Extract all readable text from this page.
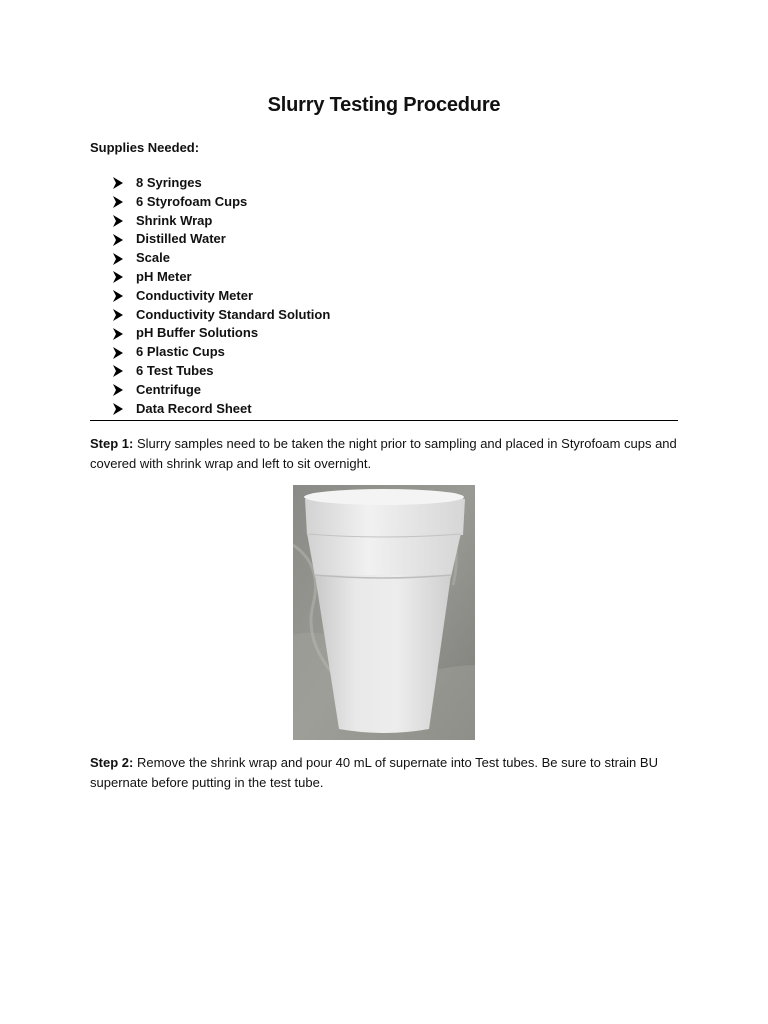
Slurry Testing Procedure
Supplies Needed:
8 Syringes
6 Styrofoam Cups
Shrink Wrap
Distilled Water
Scale
pH Meter
Conductivity Meter
Conductivity Standard Solution
pH Buffer Solutions
6 Plastic Cups
6 Test Tubes
Centrifuge
Data Record Sheet
Step 1: Slurry samples need to be taken the night prior to sampling and placed in Styrofoam cups and covered with shrink wrap and left to sit overnight.
Step 2: Remove the shrink wrap and pour 40 mL of supernate into Test tubes. Be sure to strain BU supernate before putting in the test tube.
